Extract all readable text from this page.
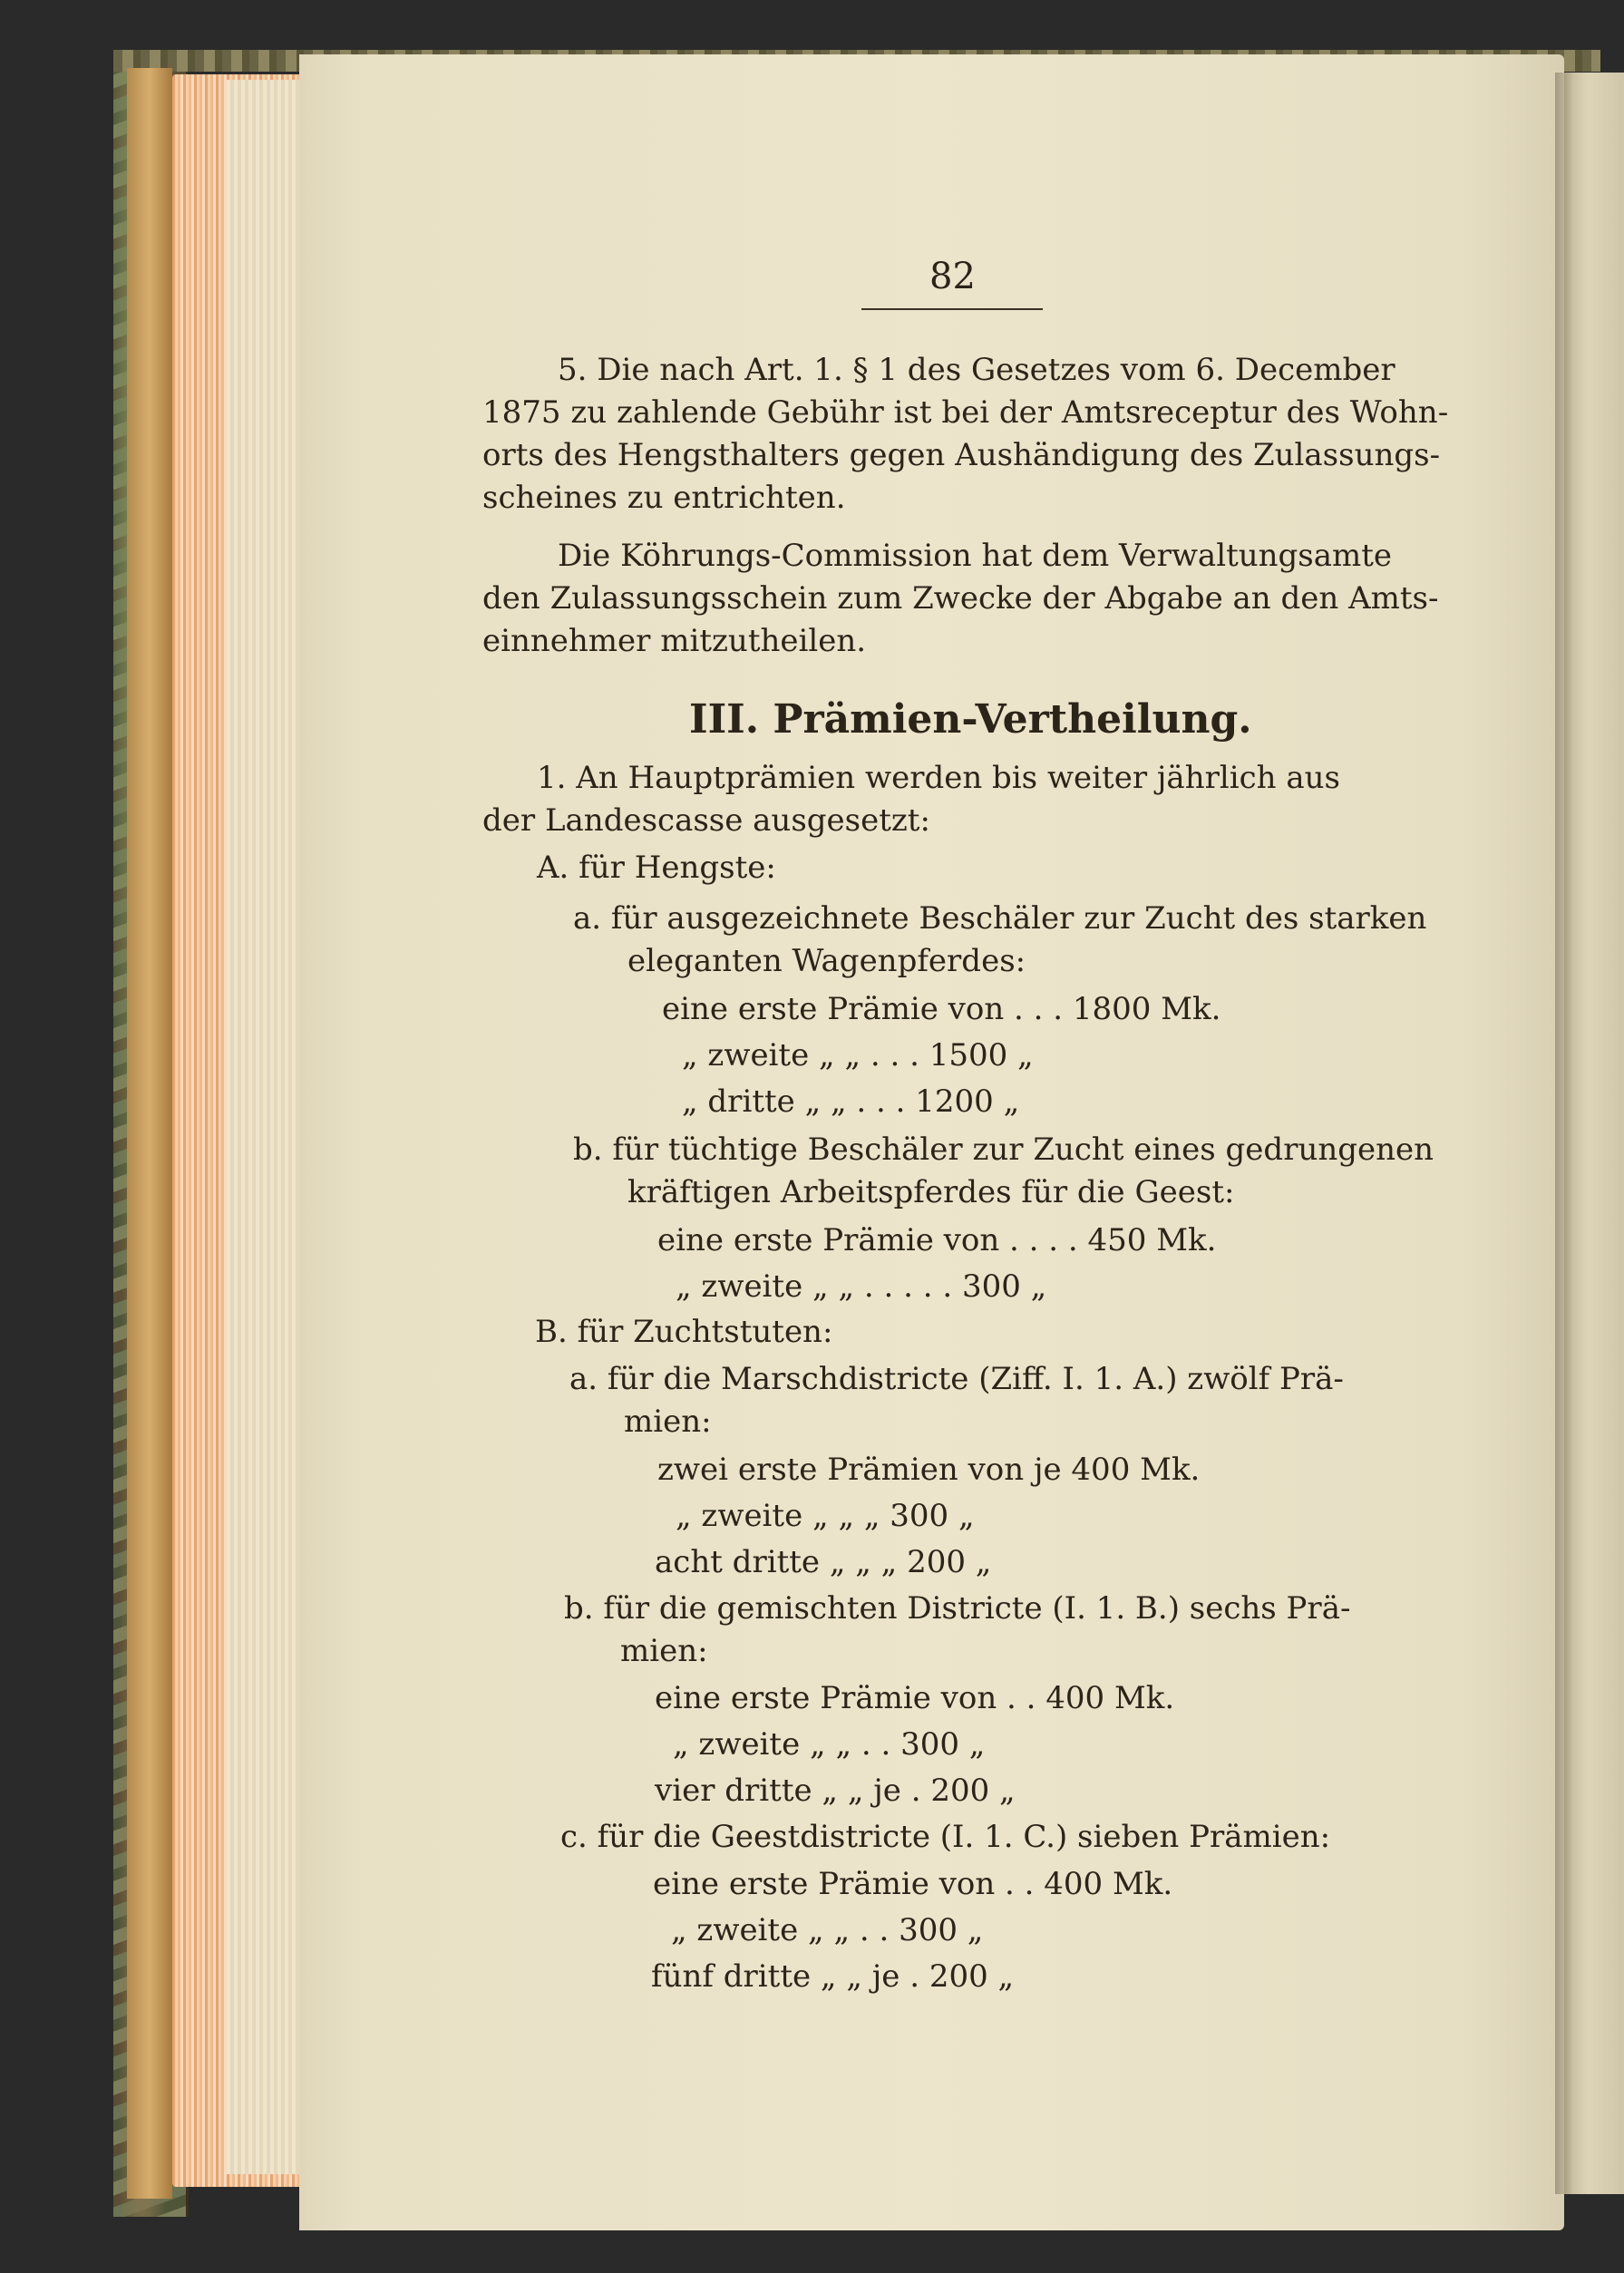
82
5. Die nach Art. 1. § 1 des Gesetzes vom 6. December
1875 zu zahlende Gebühr ist bei der Amtsreceptur des Wohn-
orts des Hengsthalters gegen Aushändigung des Zulassungs-
scheines zu entrichten.
Die Köhrungs-Commission hat dem Verwaltungsamte
den Zulassungsschein zum Zwecke der Abgabe an den Amts-
einnehmer mitzutheilen.
III. Prämien-Vertheilung.
1. An Hauptprämien werden bis weiter jährlich aus
der Landescasse ausgesetzt:
A. für Hengste:
a. für ausgezeichnete Beschäler zur Zucht des starken
eleganten Wagenpferdes:
eine erste Prämie von . . . 1800 Mk.
„ zweite „ „ . . . 1500 „
„ dritte „ „ . . . 1200 „
b. für tüchtige Beschäler zur Zucht eines gedrungenen
kräftigen Arbeitspferdes für die Geest:
eine erste Prämie von . . . . 450 Mk.
„ zweite „ „ . . . . . 300 „
B. für Zuchtstuten:
a. für die Marschdistricte (Ziff. I. 1. A.) zwölf Prä-
mien:
zwei erste Prämien von je 400 Mk.
„ zweite „ „ „ 300 „
acht dritte „ „ „ 200 „
b. für die gemischten Districte (I. 1. B.) sechs Prä-
mien:
eine erste Prämie von . . 400 Mk.
„ zweite „ „ . . 300 „
vier dritte „ „ je . 200 „
c. für die Geestdistricte (I. 1. C.) sieben Prämien:
eine erste Prämie von . . 400 Mk.
„ zweite „ „ . . 300 „
fünf dritte „ „ je . 200 „
